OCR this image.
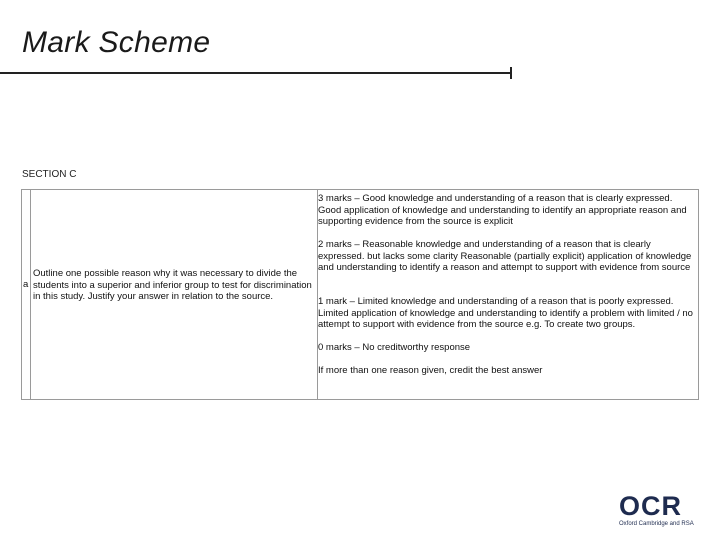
Mark Scheme
SECTION C
a

Outline one possible reason why it was necessary to divide the students into a superior and inferior group to test for discrimination in this study. Justify your answer in relation to the source.

3 marks – Good knowledge and understanding of a reason that is clearly expressed. Good application of knowledge and understanding to identify an appropriate reason and supporting evidence from the source is explicit

2 marks – Reasonable knowledge and understanding of a reason that is clearly expressed. but lacks some clarity Reasonable (partially explicit) application of knowledge and understanding to identify a reason and attempt to support with evidence from source

1 mark – Limited knowledge and understanding of a reason that is poorly expressed. Limited application of knowledge and understanding to identify a problem with limited / no attempt to support with evidence from the source e.g. To create two groups.

0 marks – No creditworthy response

If more than one reason given, credit the best answer

OCR
Oxford Cambridge and RSA
